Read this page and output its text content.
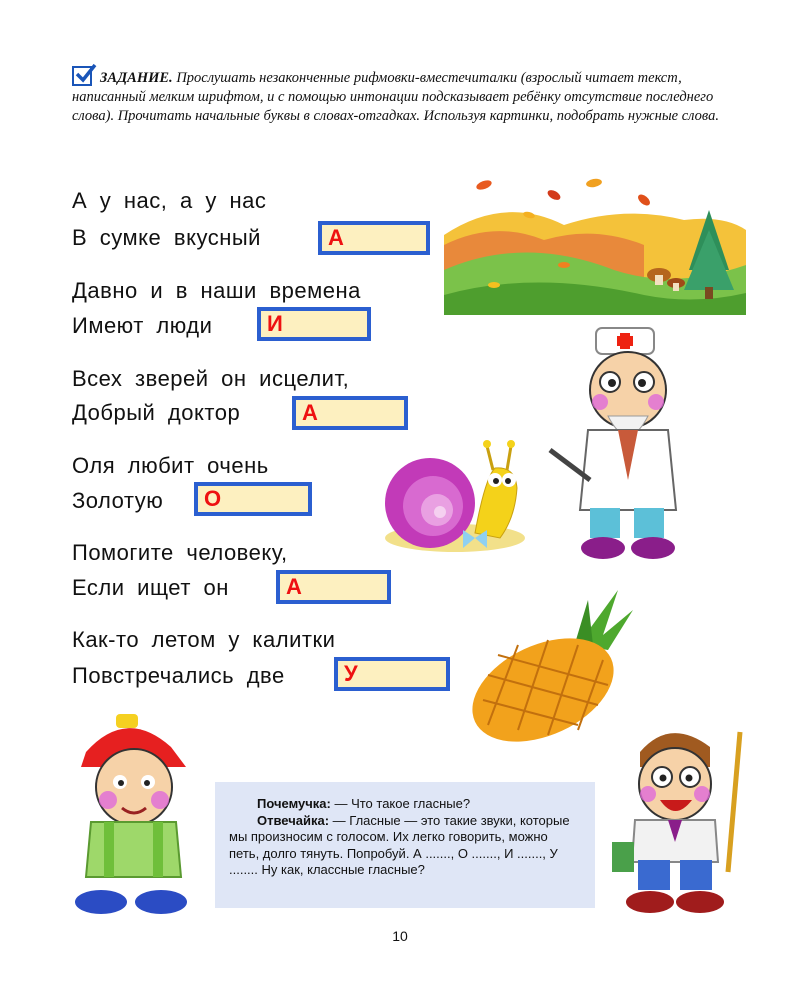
ЗАДАНИЕ. Прослушать незаконченные рифмовки-вместечиталки (взрослый читает текст, написанный мелким шрифтом, и с помощью интонации подсказывает ребёнку отсутствие последнего слова). Прочитать начальные буквы в словах-отгадках. Используя картинки, подобрать нужные слова.
А у нас, а у нас
В сумке вкусный	А
Давно и в наши времена
Имеют люди	И
Всех зверей он исцелит,
Добрый доктор	А
Оля любит очень
Золотую	О
Помогите человеку,
Если ищет он	А
Как-то летом у калитки
Повстречались две	У

Почемучка: — Что такое гласные?

Отвечайка: — Гласные — это такие звуки, которые мы произносим с голосом. Их легко говорить, можно петь, долго тянуть. Попробуй. А ......., О ......., И ......., У ........ Ну как, классные гласные?

10
